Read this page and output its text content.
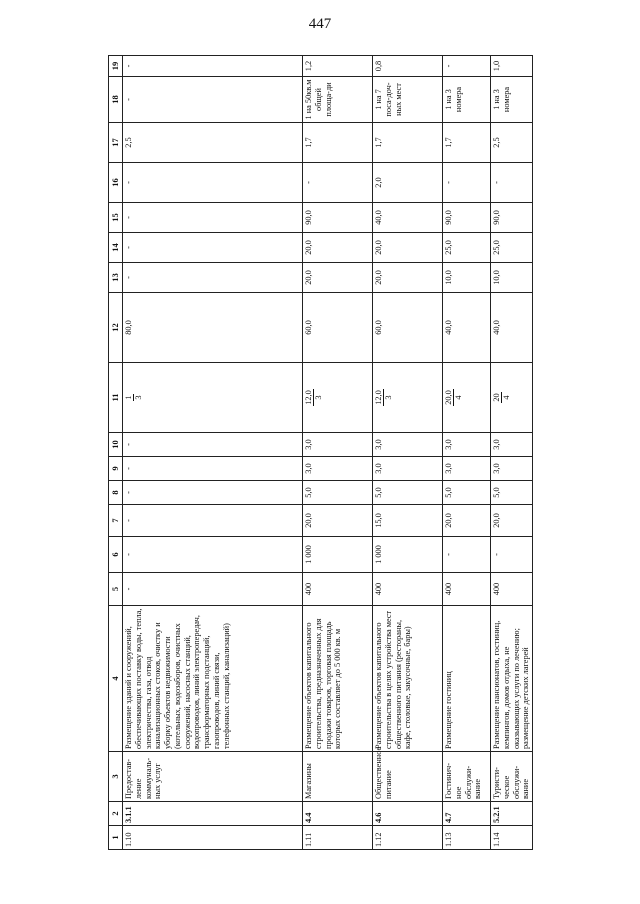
447
1	2	3	4	5	6	7	8	9	10	11	12	13	14	15	16	17	18	19
1.10	3.1.1	Предостав-ление коммуналь-ных услуг	Размещение зданий и сооружений, обеспечивающих поставку воды, тепла, электричества, газа, отвод канализационных стоков, очистку и уборку объектов недвижимости (котельных, водозаборов, очистных сооружений, насосных станций, водопроводов, линий электропередач, трансформаторных подстанций, газопроводов, линий связи, телефонных станций, канализаций)	-	-	-	-	-	-	1 3	80,0	-	-	-	-	2,5	-	-
1.11	4.4	Магазины	Размещение объектов капитального строительства, предназначенных для продажи товаров, торговая площадь которых составляет до 5 000 кв. м	400	1 000	20,0	5,0	3,0	3,0	12,0 3	60,0	20,0	20,0	90,0	-	1,7	1 на 50кв.м общей площа-ди	1,2
1.12	4.6	Общественное питание	Размещение объектов капитального строительства в целях устройства мест общественного питания (рестораны, кафе, столовые, закусочные, бары)	400	1 000	15,0	5,0	3,0	3,0	12,0 3	60,0	20,0	20,0	40,0	2,0	1,7	1 на 7 поса-доч-ных мест	0,8
1.13	4.7	Гостинич-ное обслужи-вание	Размещение гостиниц	400	-	20,0	5,0	3,0	3,0	20,0 4	40,0	10,0	25,0	90,0	-	1,7	1 на 3 номера	-
1.14	5.2.1	Туристи-ческое обслужи-вание	Размещение пансионатов, гостиниц, кемпингов, домов отдыха, не оказывающих услуги по лечению; размещение детских лагерей	400	-	20,0	5,0	3,0	3,0	20 4	40,0	10,0	25,0	90,0	-	2,5	1 на 3 номера	1,0
